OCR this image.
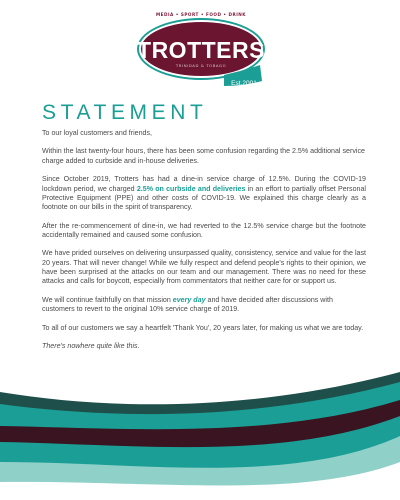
MEDIA • SPORT • FOOD • DRINK
TROTTERS
TRINIDAD & TOBAGO
Est.2001
STATEMENT

To our loyal customers and friends,

Within the last twenty-four hours, there has been some confusion regarding the 2.5% additional service charge added to curbside and in-house deliveries.

Since October 2019, Trotters has had a dine-in service charge of 12.5%. During the COVID-19 lockdown period, we charged 2.5% on curbside and deliveries in an effort to partially offset Personal Protective Equipment (PPE) and other costs of COVID-19. We explained this charge clearly as a footnote on our bills in the spirit of transparency.

After the re-commencement of dine-in, we had reverted to the 12.5% service charge but the footnote accidentally remained and caused some confusion.

We have prided ourselves on delivering unsurpassed quality, consistency, service and value for the last 20 years. That will never change! While we fully respect and defend people's rights to their opinion, we have been surprised at the attacks on our team and our management. There was no need for these attacks and calls for boycott, especially from commentators that neither care for or support us.

We will continue faithfully on that mission every day and have decided after discussions with customers to revert to the original 10% service charge of 2019.

To all of our customers we say a heartfelt 'Thank You', 20 years later, for making us what we are today.

There's nowhere quite like this.
